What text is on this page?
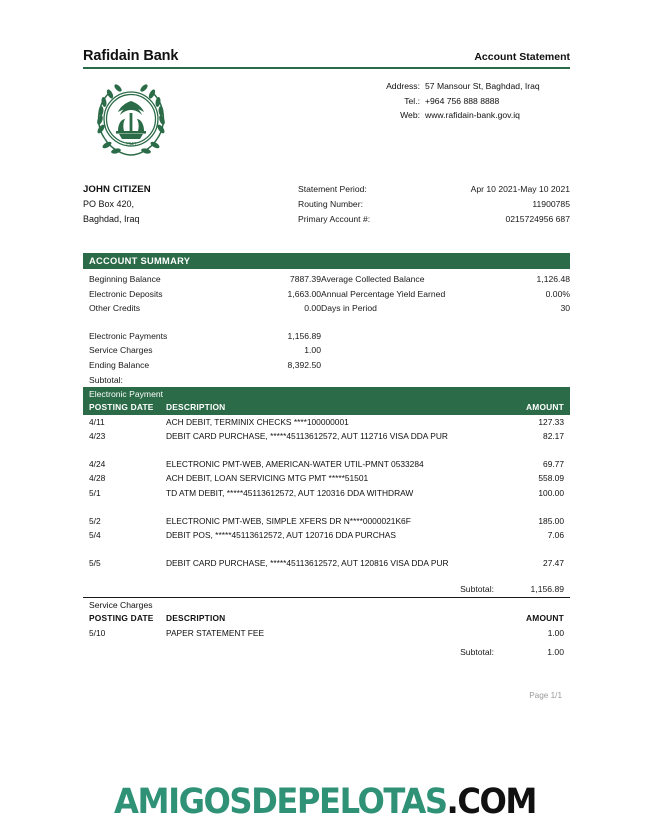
Rafidain Bank	Account Statement
1941
Address: 57 Mansour St, Baghdad, Iraq
Tel.: +964 756 888 8888
Web: www.rafidain-bank.gov.iq
JOHN CITIZEN
PO Box 420,
Baghdad, Iraq
Statement Period:	Apr 10 2021-May 10 2021
Routing Number:	11900785
Primary Account #:	0215724956 687
ACCOUNT SUMMARY
Beginning Balance	7887.39
Electronic Deposits	1,663.00
Other Credits	0.00
Electronic Payments	1,156.89
Service Charges	1.00
Ending Balance	8,392.50
Average Collected Balance	1,126.48
Annual Percentage Yield Earned	0.00%
Days in Period	30
Subtotal:
Electronic Payment
POSTING DATE	DESCRIPTION	AMOUNT
4/11	ACH DEBIT, TERMINIX CHECKS ****100000001	127.33
4/23	DEBIT CARD PURCHASE, *****45113612572, AUT 112716 VISA DDA PUR	82.17
4/24	ELECTRONIC PMT-WEB, AMERICAN-WATER UTIL-PMNT 0533284	69.77
4/28	ACH DEBIT, LOAN SERVICING MTG PMT *****51501	558.09
5/1	TD ATM DEBIT, *****45113612572, AUT 120316 DDA WITHDRAW	100.00
5/2	ELECTRONIC PMT-WEB, SIMPLE XFERS DR N****0000021K6F	185.00
5/4	DEBIT POS, *****45113612572, AUT 120716 DDA PURCHAS	7.06
5/5	DEBIT CARD PURCHASE, *****45113612572, AUT 120816 VISA DDA PUR	27.47
Subtotal:	1,156.89
Service Charges
POSTING DATE	DESCRIPTION	AMOUNT
5/10	PAPER STATEMENT FEE	1.00
Subtotal:	1.00
Page 1/1
AMIGOSDEPELOTAS.COM
